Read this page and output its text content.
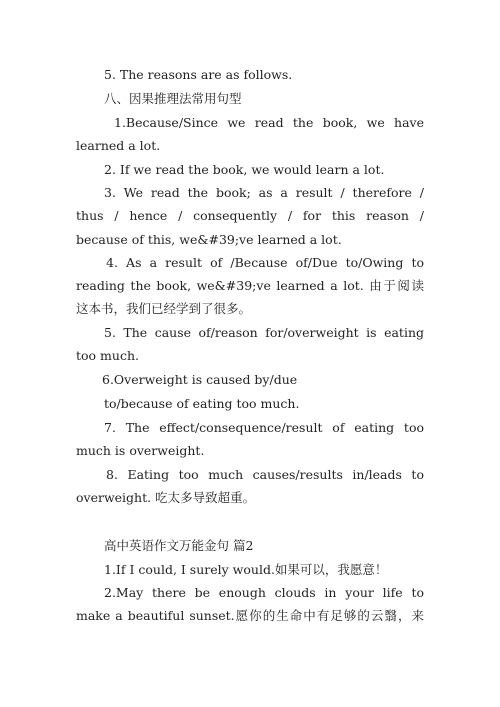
5. The reasons are as follows.
八、因果推理法常用句型
1.Because/Since we read the book, we have
learned a lot.
2. If we read the book, we would learn a lot.
3. We read the book; as a result / therefore /
thus / hence / consequently / for this reason /
because of this, we&#39;ve learned a lot.
4. As a result of /Because of/Due to/Owing to
reading the book, we&#39;ve learned a lot. 由于阅读
这本书，我们已经学到了很多。
5. The cause of/reason for/overweight is eating
too much.
6.Overweight is caused by/due
to/because of eating too much.
7. The effect/consequence/result of eating too
much is overweight.
8. Eating too much causes/results in/leads to
overweight. 吃太多导致超重。
高中英语作文万能金句 篇2
1.If I could, I surely would.如果可以，我愿意！
2.May there be enough clouds in your life to
make a beautiful sunset.愿你的生命中有足够的云翳，来
